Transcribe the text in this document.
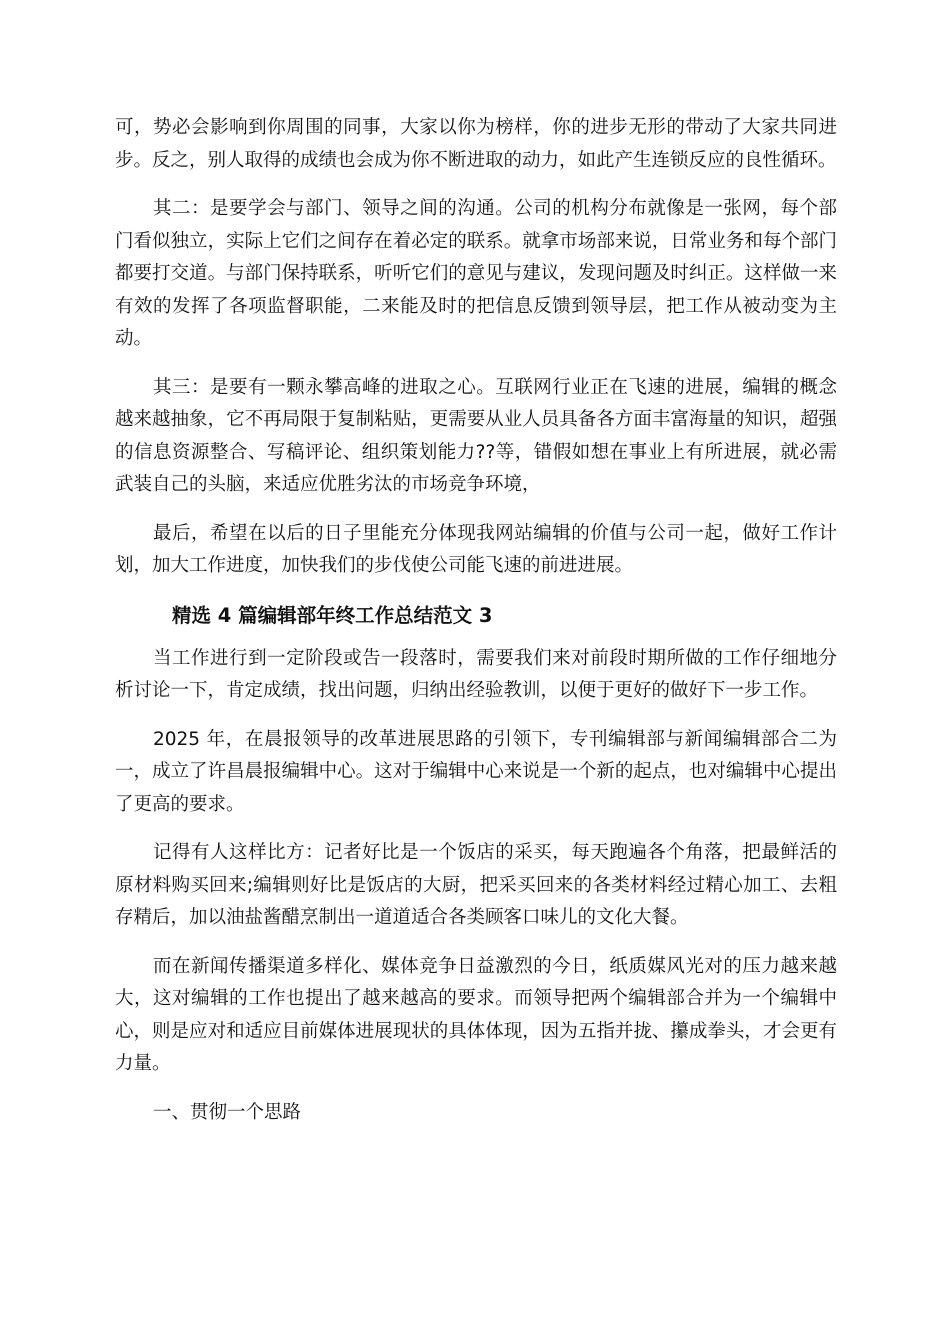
可，势必会影响到你周围的同事，大家以你为榜样，你的进步无形的带动了大家共同进步。反之，别人取得的成绩也会成为你不断进取的动力，如此产生连锁反应的良性循环。

其二：是要学会与部门、领导之间的沟通。公司的机构分布就像是一张网，每个部门看似独立，实际上它们之间存在着必定的联系。就拿市场部来说，日常业务和每个部门都要打交道。与部门保持联系，听听它们的意见与建议，发现问题及时纠正。这样做一来有效的发挥了各项监督职能，二来能及时的把信息反馈到领导层，把工作从被动变为主动。

其三：是要有一颗永攀高峰的进取之心。互联网行业正在飞速的进展，编辑的概念越来越抽象，它不再局限于复制粘贴，更需要从业人员具备各方面丰富海量的知识，超强的信息资源整合、写稿评论、组织策划能力??等，错假如想在事业上有所进展，就必需武装自己的头脑，来适应优胜劣汰的市场竞争环境，

最后，希望在以后的日子里能充分体现我网站编辑的价值与公司一起，做好工作计划，加大工作进度，加快我们的步伐使公司能飞速的前进进展。

精选 4 篇编辑部年终工作总结范文 3

当工作进行到一定阶段或告一段落时，需要我们来对前段时期所做的工作仔细地分析讨论一下，肯定成绩，找出问题，归纳出经验教训，以便于更好的做好下一步工作。

2025 年，在晨报领导的改革进展思路的引领下，专刊编辑部与新闻编辑部合二为一，成立了许昌晨报编辑中心。这对于编辑中心来说是一个新的起点，也对编辑中心提出了更高的要求。

记得有人这样比方：记者好比是一个饭店的采买，每天跑遍各个角落，把最鲜活的原材料购买回来;编辑则好比是饭店的大厨，把采买回来的各类材料经过精心加工、去粗存精后，加以油盐酱醋烹制出一道道适合各类顾客口味儿的文化大餐。

而在新闻传播渠道多样化、媒体竞争日益激烈的今日，纸质媒风光对的压力越来越大，这对编辑的工作也提出了越来越高的要求。而领导把两个编辑部合并为一个编辑中心，则是应对和适应目前媒体进展现状的具体体现，因为五指并拢、攥成拳头，才会更有力量。

一、贯彻一个思路
